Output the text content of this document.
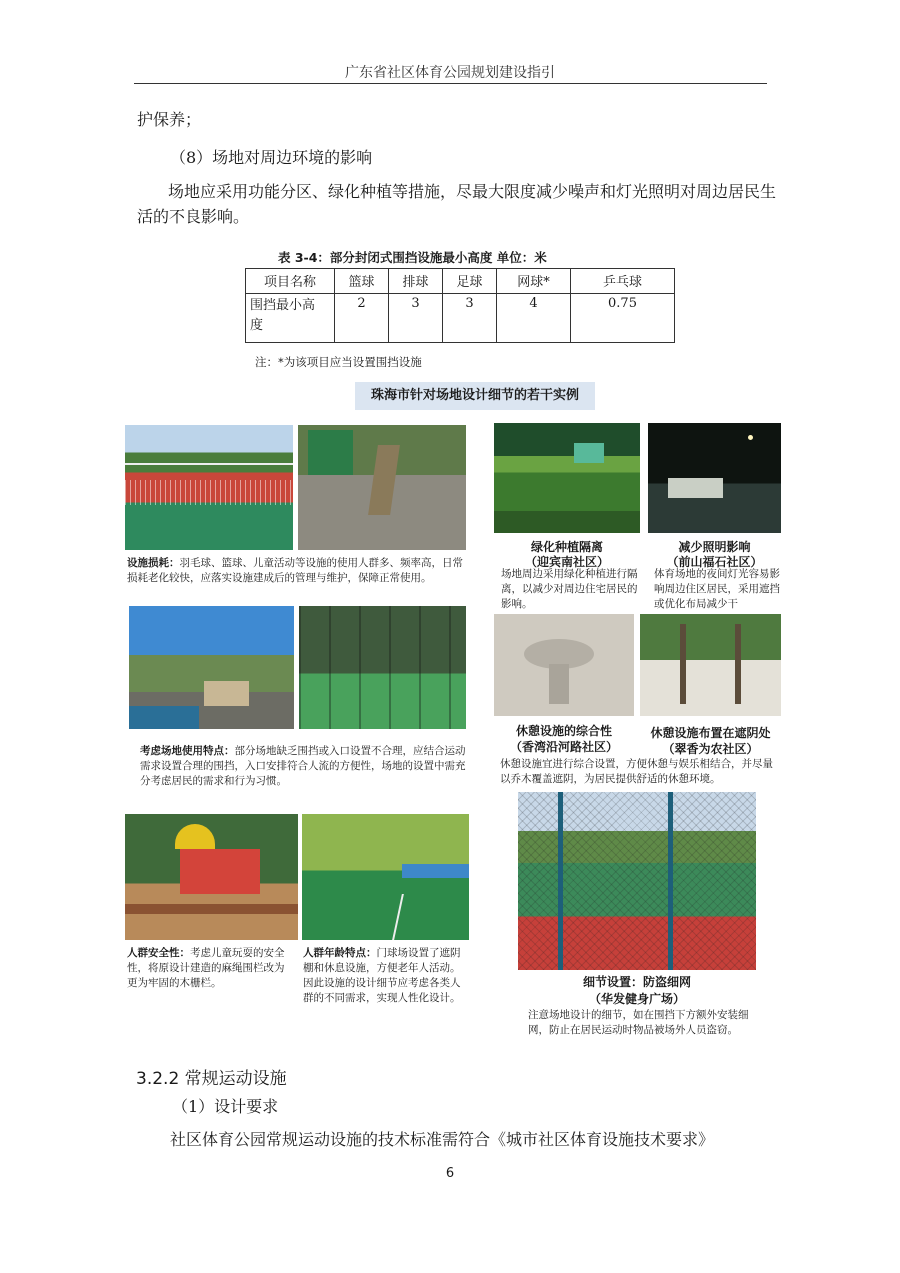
广东省社区体育公园规划建设指引
护保养；
（8）场地对周边环境的影响
场地应采用功能分区、绿化种植等措施，尽最大限度减少噪声和灯光照明对周边居民生
活的不良影响。
表 3-4：部分封闭式围挡设施最小高度 单位：米
项目名称	篮球	排球	足球	网球*	乒乓球
围挡最小高
度	2	3	3	4	0.75
注：*为该项目应当设置围挡设施
珠海市针对场地设计细节的若干实例
设施损耗：羽毛球、篮球、儿童活动等设施的使用人群多、频率高，日常损耗老化较快，应落实设施建成后的管理与维护，保障正常使用。
绿化种植隔离
（迎宾南社区）
场地周边采用绿化种植进行隔离，以减少对周边住宅居民的影响。
减少照明影响
（前山福石社区）
体育场地的夜间灯光容易影响周边住区居民，采用遮挡或优化布局减少干
考虑场地使用特点：部分场地缺乏围挡或入口设置不合理，应结合运动需求设置合理的围挡，入口安排符合人流的方便性，场地的设置中需充分考虑居民的需求和行为习惯。
休憩设施的综合性
（香湾沿河路社区）
休憩设施布置在遮阴处
（翠香为农社区）
休憩设施宜进行综合设置，方便休憩与娱乐相结合，并尽量以乔木覆盖遮阴，为居民提供舒适的休憩环境。
人群安全性：考虑儿童玩耍的安全性，将原设计建造的麻绳围栏改为更为牢固的木栅栏。
人群年龄特点：门球场设置了遮阴棚和休息设施，方便老年人活动。因此设施的设计细节应考虑各类人群的不同需求，实现人性化设计。
细节设置：防盗细网
（华发健身广场）
注意场地设计的细节，如在围挡下方额外安装细网，防止在居民运动时物品被场外人员盗窃。
3.2.2 常规运动设施
（1）设计要求
社区体育公园常规运动设施的技术标准需符合《城市社区体育设施技术要求》
6
